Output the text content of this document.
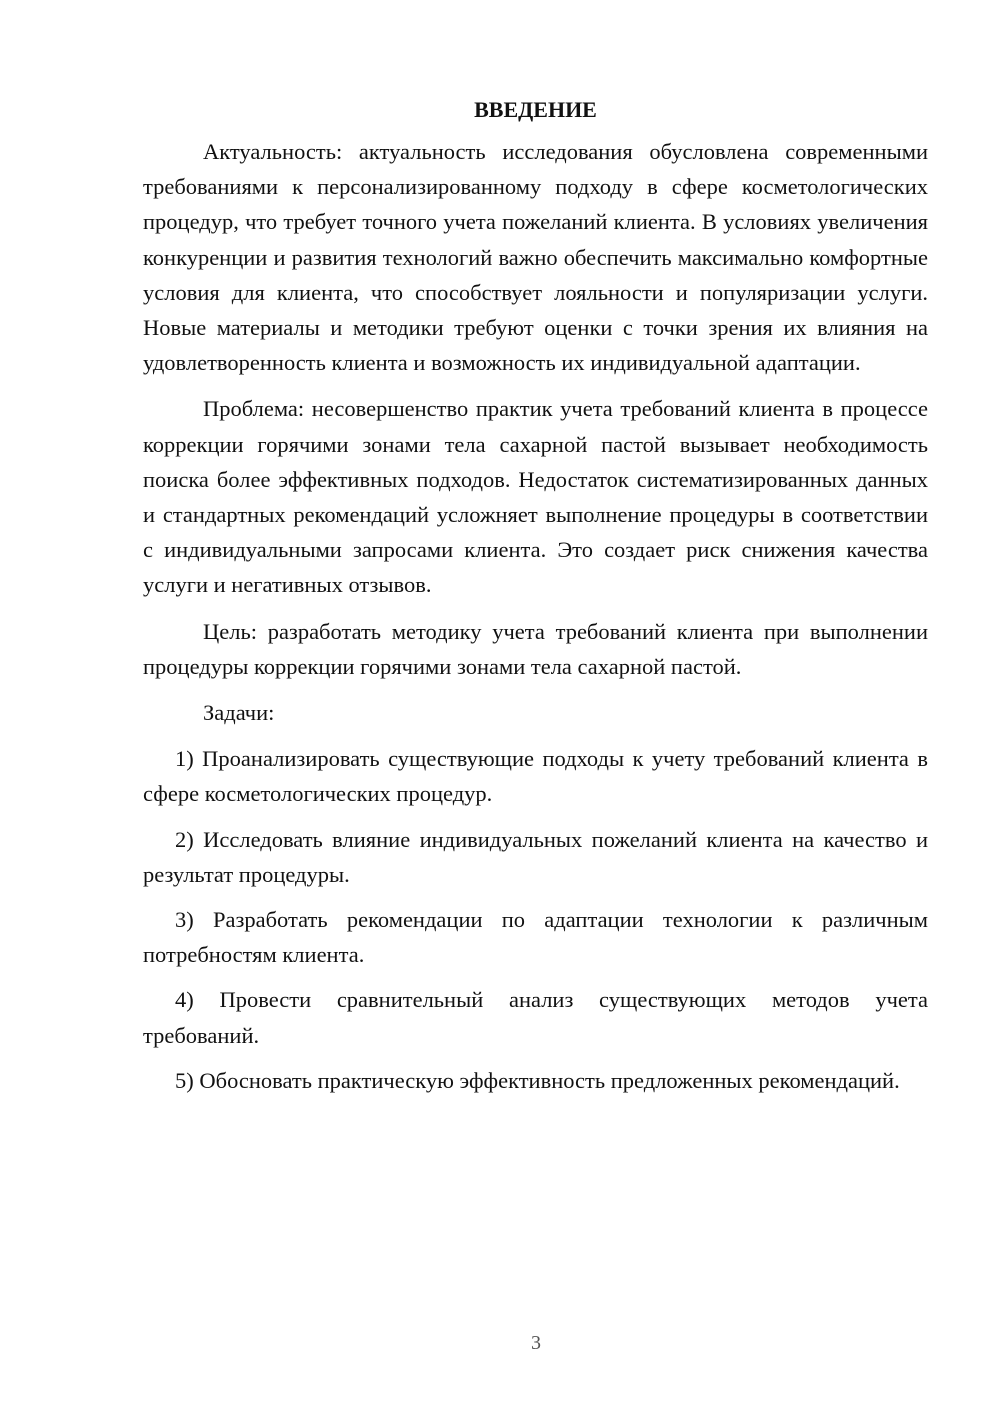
ВВЕДЕНИЕ

Актуальность: актуальность исследования обусловлена современными требованиями к персонализированному подходу в сфере косметологических процедур, что требует точного учета пожеланий клиента. В условиях увеличения конкуренции и развития технологий важно обеспечить максимально комфортные условия для клиента, что способствует лояльности и популяризации услуги. Новые материалы и методики требуют оценки с точки зрения их влияния на удовлетворенность клиента и возможность их индивидуальной адаптации.

Проблема: несовершенство практик учета требований клиента в процессе коррекции горячими зонами тела сахарной пастой вызывает необходимость поиска более эффективных подходов. Недостаток систематизированных данных и стандартных рекомендаций усложняет выполнение процедуры в соответствии с индивидуальными запросами клиента. Это создает риск снижения качества услуги и негативных отзывов.

Цель: разработать методику учета требований клиента при выполнении процедуры коррекции горячими зонами тела сахарной пастой.

Задачи:

1) Проанализировать существующие подходы к учету требований клиента в сфере косметологических процедур.

2) Исследовать влияние индивидуальных пожеланий клиента на качество и результат процедуры.

3) Разработать рекомендации по адаптации технологии к различным потребностям клиента.

4) Провести сравнительный анализ существующих методов учета требований.

5) Обосновать практическую эффективность предложенных рекомендаций.

3
